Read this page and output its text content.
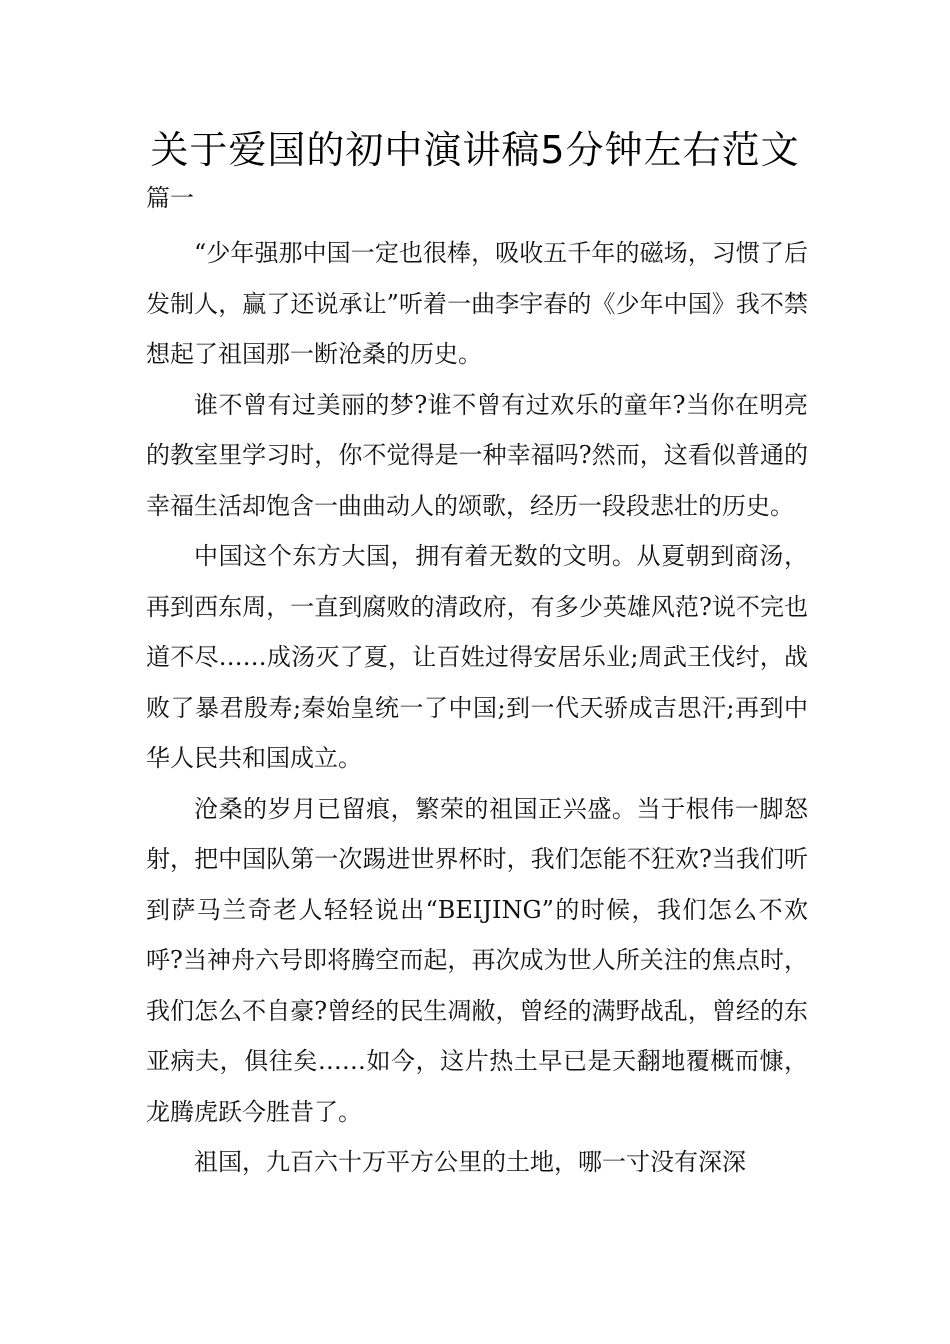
关于爱国的初中演讲稿5分钟左右范文
篇一

“少年强那中国一定也很棒，吸收五千年的磁场，习惯了后发制人，赢了还说承让”听着一曲李宇春的《少年中国》我不禁想起了祖国那一断沧桑的历史。

谁不曾有过美丽的梦?谁不曾有过欢乐的童年?当你在明亮的教室里学习时，你不觉得是一种幸福吗?然而，这看似普通的幸福生活却饱含一曲曲动人的颂歌，经历一段段悲壮的历史。

中国这个东方大国，拥有着无数的文明。从夏朝到商汤，再到西东周，一直到腐败的清政府，有多少英雄风范?说不完也道不尽……成汤灭了夏，让百姓过得安居乐业;周武王伐纣，战败了暴君殷寿;秦始皇统一了中国;到一代天骄成吉思汗;再到中华人民共和国成立。

沧桑的岁月已留痕，繁荣的祖国正兴盛。当于根伟一脚怒射，把中国队第一次踢进世界杯时，我们怎能不狂欢?当我们听到萨马兰奇老人轻轻说出“BEIJING”的时候，我们怎么不欢呼?当神舟六号即将腾空而起，再次成为世人所关注的焦点时，我们怎么不自豪?曾经的民生凋敝，曾经的满野战乱，曾经的东亚病夫，俱往矣……如今，这片热土早已是天翻地覆概而慷，龙腾虎跃今胜昔了。

祖国，九百六十万平方公里的土地，哪一寸没有深深
